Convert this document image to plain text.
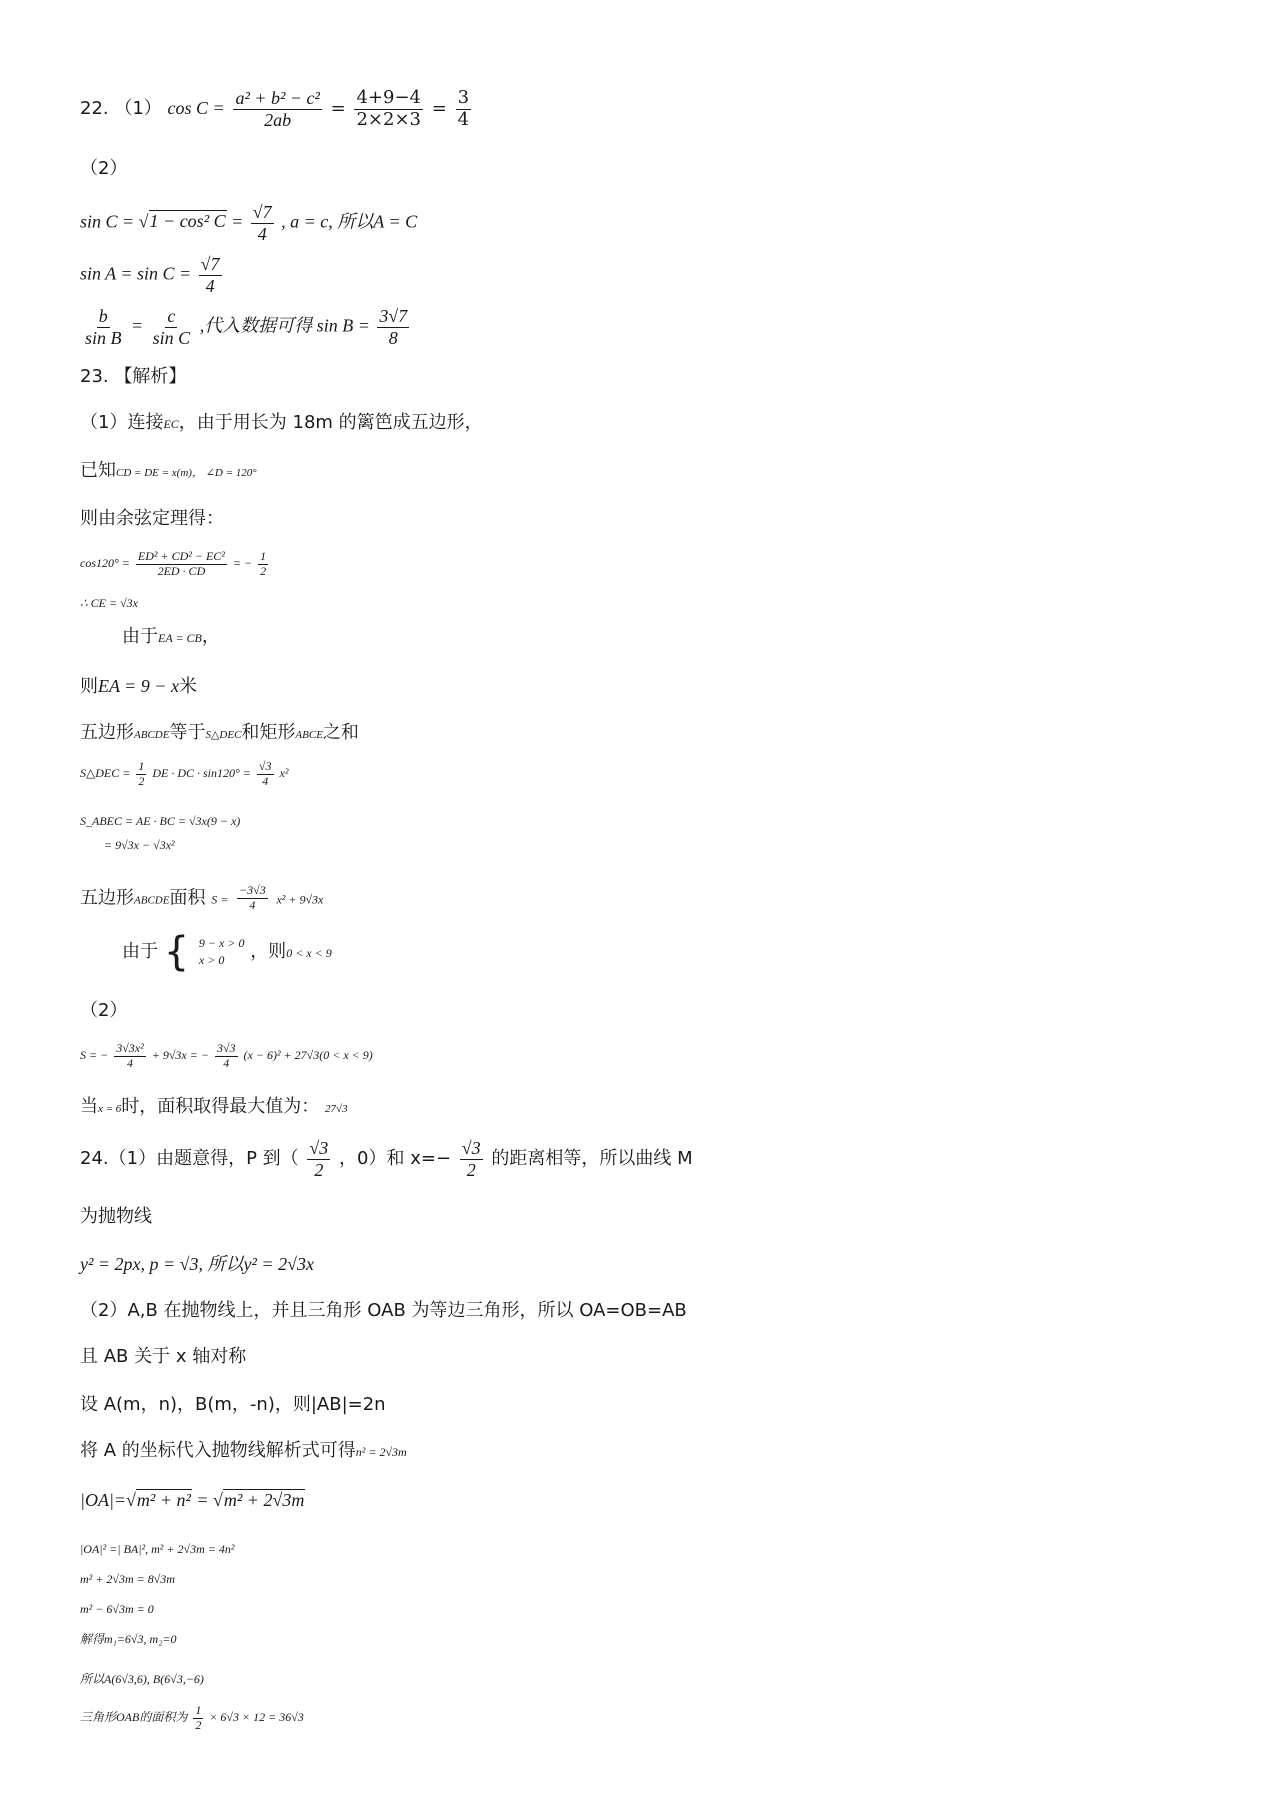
22. （1） $\cos C = \frac{\text{a² + b² − c²}}{2ab} = \frac{4+9-4}{2\times 2\times 3} = \frac{3}{4}$
（2）
sin C = √1 − cos² $C = \frac{√7}{4}$ , a = c, 所以A = C
$\sin A = \sin C = \frac{√7}{4}$
$\frac{b}{\text{sin B}} = \frac{c}{\text{sin C}}$ ,代入数据可得 $\sin B = \frac{3√7}{8}$
23. 【解析】
（1）连接EC，由于用长为 18m 的篱笆成五边形，
已知CD = DE = x(m)， ∠D = 120°
则由余弦定理得：
$\cos 120^\circ = \frac{\text{ED² + CD² − EC²}}{2ED \cdot CD}$ = − $\frac{1}{2}$
∴ CE = √3x
由于EA = CB，
则EA = 9 − x米
五边形ABCDE等于S△DEC和矩形ABCE之和
S△DEC = $\frac{1}{2}$ DE · DC · $\sin 120^\circ = \frac{√3}{4} x^2$
S_ABEC = AE · BC = √3x(9 − x)
= 9√3x − √3x²
五边形ABCDE面积 $S = \frac{-3√3}{4} x^2 + 9√3x$
由于 { 9 − x > 0
x > 0	，则0 < x < 9
（2）
S = − $\frac{\text{3√3x²}}{4} + 9√3x$ = − $\frac{3√3}{4} (x - 6)^2 + 27√3(0 < x < 9)$
当x = 6时，面积取得最大值为： 27√3
24.（1）由题意得，P 到（ $\frac{√3}{2}$ ，0）和 $x=- \frac{√3}{2}$ 的距离相等，所以曲线 M
为抛物线
y² = 2px, p = √3, 所以y² = 2√3x
（2）A,B 在抛物线上，并且三角形 OAB 为等边三角形，所以 OA=OB=AB
且 AB 关于 x 轴对称
设 A(m，n)，B(m，-n)，则|AB|=2n
将 A 的坐标代入抛物线解析式可得n² = 2√3m
|OA|=√m² + n² = √m² + 2√3m
|OA|² =| BA|², m² + 2√3m = 4n²
m² + 2√3m = 8√3m
m² − 6√3m = 0
解得m₁=6√3, m₂=0
所以A(6√3,6), B(6√3,−6)
三角形OAB的面积为 $\frac{1}{2} \times 6√3 \times 12 = 36√3$
